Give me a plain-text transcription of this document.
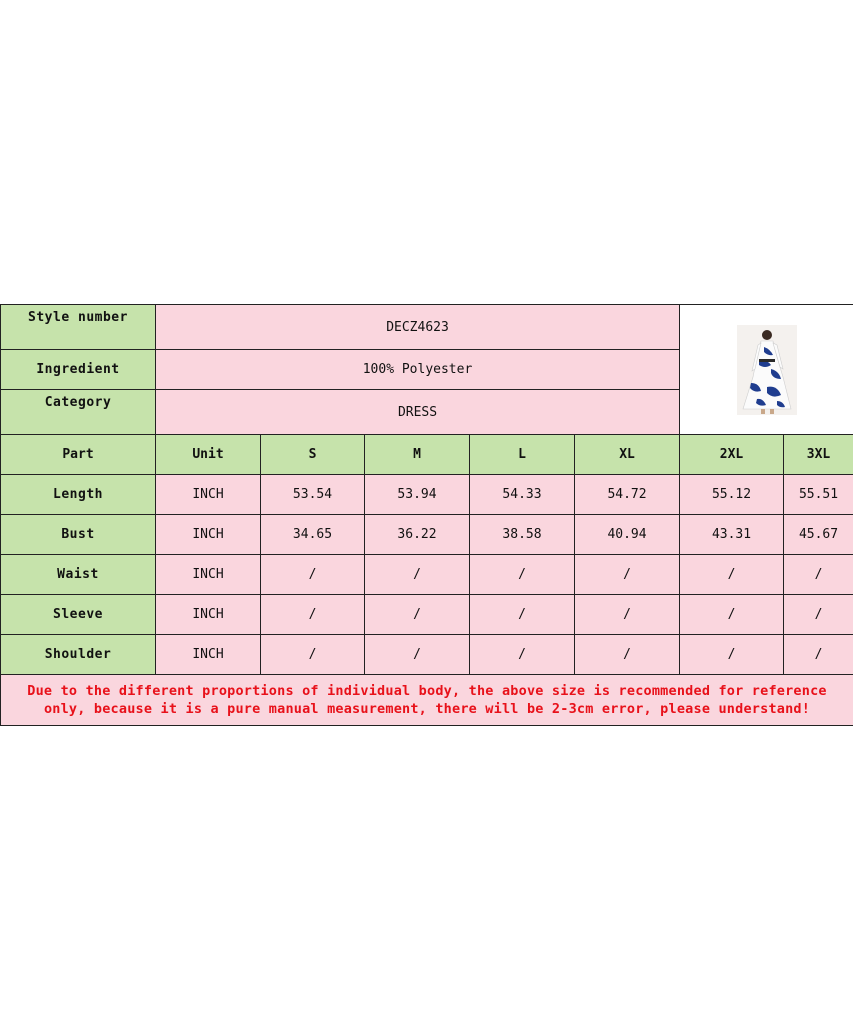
Style number	DECZ4623	

Ingredient	100% Polyester						
Category	DRESS						
Part	Unit	S	M	L	XL	2XL	3XL
Length	INCH	53.54	53.94	54.33	54.72	55.12	55.51
Bust	INCH	34.65	36.22	38.58	40.94	43.31	45.67
Waist	INCH	/	/	/	/	/	/
Sleeve	INCH	/	/	/	/	/	/
Shoulder	INCH	/	/	/	/	/	/
Due to the different proportions of individual body, the above size is recommended for reference only, because it is a pure manual measurement, there will be 2-3cm error, please understand!							
